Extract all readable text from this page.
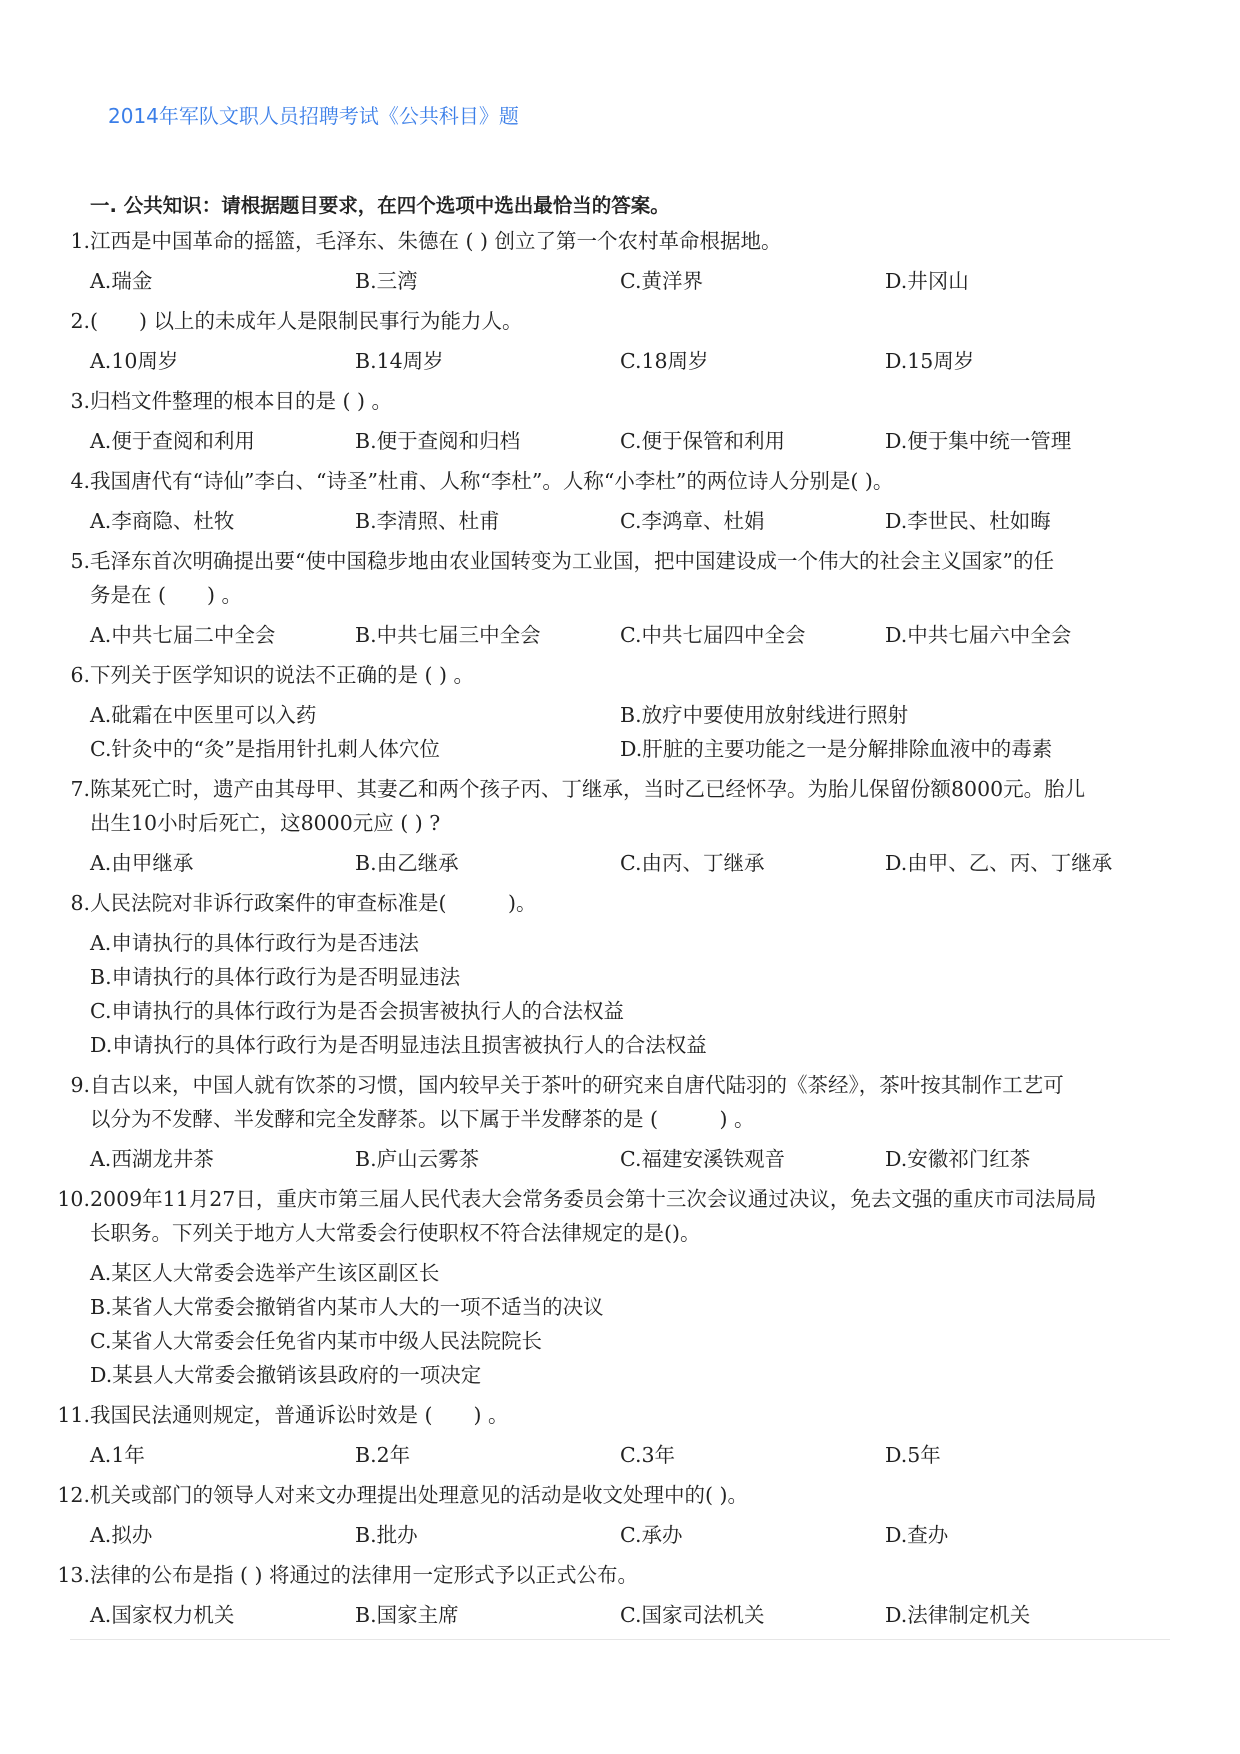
2014年军队文职人员招聘考试《公共科目》题
一. 公共知识：请根据题目要求，在四个选项中选出最恰当的答案。
1. 江西是中国革命的摇篮，毛泽东、朱德在 ( ) 创立了第一个农村革命根据地。
A.瑞金	B.三湾	C.黄洋界	D.井冈山
2. (　　) 以上的未成年人是限制民事行为能力人。
A.10周岁	B.14周岁	C.18周岁	D.15周岁
3. 归档文件整理的根本目的是 ( ) 。
A.便于查阅和利用	B.便于查阅和归档	C.便于保管和利用	D.便于集中统一管理
4. 我国唐代有“诗仙”李白、“诗圣”杜甫、人称“李杜”。人称“小李杜”的两位诗人分别是( )。
A.李商隐、杜牧	B.李清照、杜甫	C.李鸿章、杜娟	D.李世民、杜如晦
5. 毛泽东首次明确提出要“使中国稳步地由农业国转变为工业国，把中国建设成一个伟大的社会主义国家”的任
务是在 (　　) 。
A.中共七届二中全会	B.中共七届三中全会	C.中共七届四中全会	D.中共七届六中全会
6. 下列关于医学知识的说法不正确的是 ( ) 。
A.砒霜在中医里可以入药	B.放疗中要使用放射线进行照射
C.针灸中的“灸”是指用针扎刺人体穴位	D.肝脏的主要功能之一是分解排除血液中的毒素
7. 陈某死亡时，遗产由其母甲、其妻乙和两个孩子丙、丁继承，当时乙已经怀孕。为胎儿保留份额8000元。胎儿
出生10小时后死亡，这8000元应 ( ) ?
A.由甲继承	B.由乙继承	C.由丙、丁继承	D.由甲、乙、丙、丁继承
8. 人民法院对非诉行政案件的审查标准是(　　　)。
A.申请执行的具体行政行为是否违法
B.申请执行的具体行政行为是否明显违法
C.申请执行的具体行政行为是否会损害被执行人的合法权益
D.申请执行的具体行政行为是否明显违法且损害被执行人的合法权益
9. 自古以来，中国人就有饮茶的习惯，国内较早关于茶叶的研究来自唐代陆羽的《茶经》，茶叶按其制作工艺可
以分为不发酵、半发酵和完全发酵茶。以下属于半发酵茶的是 (　　　) 。
A.西湖龙井茶	B.庐山云雾茶	C.福建安溪铁观音	D.安徽祁门红茶
10. 2009年11月27日，重庆市第三届人民代表大会常务委员会第十三次会议通过决议，免去文强的重庆市司法局局
长职务。下列关于地方人大常委会行使职权不符合法律规定的是()。
A.某区人大常委会选举产生该区副区长
B.某省人大常委会撤销省内某市人大的一项不适当的决议
C.某省人大常委会任免省内某市中级人民法院院长
D.某县人大常委会撤销该县政府的一项决定
11. 我国民法通则规定，普通诉讼时效是 (　　) 。
A.1年	B.2年	C.3年	D.5年
12. 机关或部门的领导人对来文办理提出处理意见的活动是收文处理中的( )。
A.拟办	B.批办	C.承办	D.查办
13. 法律的公布是指 ( ) 将通过的法律用一定形式予以正式公布。
A.国家权力机关	B.国家主席	C.国家司法机关	D.法律制定机关
